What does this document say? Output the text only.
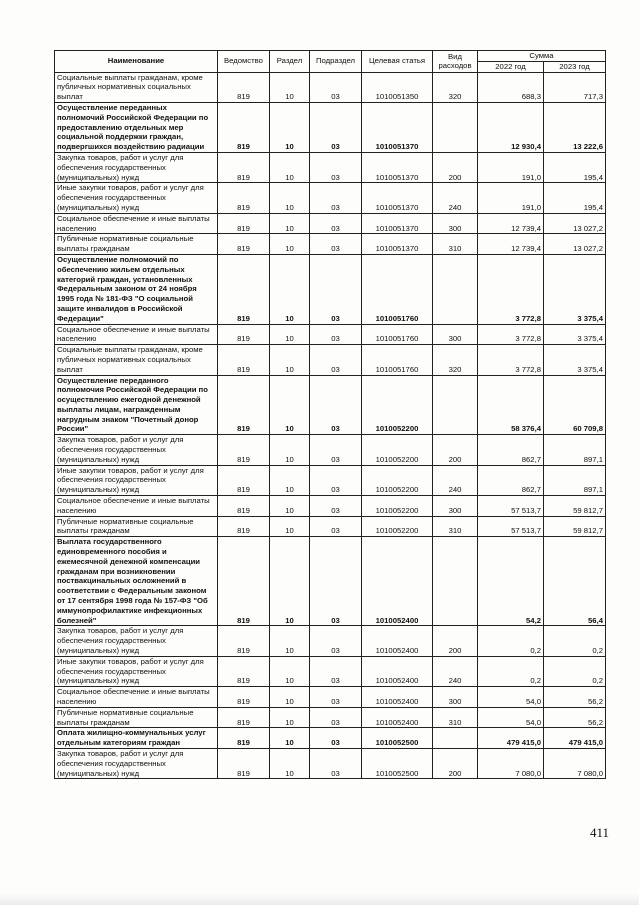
Наименование	Ведомство	Раздел	Подраздел	Целевая статья	Вид расходов	Сумма	
						2022 год	2023 год
Социальные выплаты гражданам, кроме публичных нормативных социальных выплат	819	10	03	1010051350	320	688,3	717,3
Осуществление переданных полномочий Российской Федерации по предоставлению отдельных мер социальной поддержки граждан, подвергшихся воздействию радиации	819	10	03	1010051370		12 930,4	13 222,6
Закупка товаров, работ и услуг для обеспечения государственных (муниципальных) нужд	819	10	03	1010051370	200	191,0	195,4
Иные закупки товаров, работ и услуг для обеспечения государственных (муниципальных) нужд	819	10	03	1010051370	240	191,0	195,4
Социальное обеспечение и иные выплаты населению	819	10	03	1010051370	300	12 739,4	13 027,2
Публичные нормативные социальные выплаты гражданам	819	10	03	1010051370	310	12 739,4	13 027,2
Осуществление полномочий по обеспечению жильем отдельных категорий граждан, установленных Федеральным законом от 24 ноября 1995 года № 181-ФЗ "О социальной защите инвалидов в Российской Федерации"	819	10	03	1010051760		3 772,8	3 375,4
Социальное обеспечение и иные выплаты населению	819	10	03	1010051760	300	3 772,8	3 375,4
Социальные выплаты гражданам, кроме публичных нормативных социальных выплат	819	10	03	1010051760	320	3 772,8	3 375,4
Осуществление переданного полномочия Российской Федерации по осуществлению ежегодной денежной выплаты лицам, награжденным нагрудным знаком "Почетный донор России"	819	10	03	1010052200		58 376,4	60 709,8
Закупка товаров, работ и услуг для обеспечения государственных (муниципальных) нужд	819	10	03	1010052200	200	862,7	897,1
Иные закупки товаров, работ и услуг для обеспечения государственных (муниципальных) нужд	819	10	03	1010052200	240	862,7	897,1
Социальное обеспечение и иные выплаты населению	819	10	03	1010052200	300	57 513,7	59 812,7
Публичные нормативные социальные выплаты гражданам	819	10	03	1010052200	310	57 513,7	59 812,7
Выплата государственного единовременного пособия и ежемесячной денежной компенсации гражданам при возникновении поствакцинальных осложнений в соответствии с Федеральным законом от 17 сентября 1998 года № 157-ФЗ "Об иммунопрофилактике инфекционных болезней"	819	10	03	1010052400		54,2	56,4
Закупка товаров, работ и услуг для обеспечения государственных (муниципальных) нужд	819	10	03	1010052400	200	0,2	0,2
Иные закупки товаров, работ и услуг для обеспечения государственных (муниципальных) нужд	819	10	03	1010052400	240	0,2	0,2
Социальное обеспечение и иные выплаты населению	819	10	03	1010052400	300	54,0	56,2
Публичные нормативные социальные выплаты гражданам	819	10	03	1010052400	310	54,0	56,2
Оплата жилищно-коммунальных услуг отдельным категориям граждан	819	10	03	1010052500		479 415,0	479 415,0
Закупка товаров, работ и услуг для обеспечения государственных (муниципальных) нужд	819	10	03	1010052500	200	7 080,0	7 080,0
411
